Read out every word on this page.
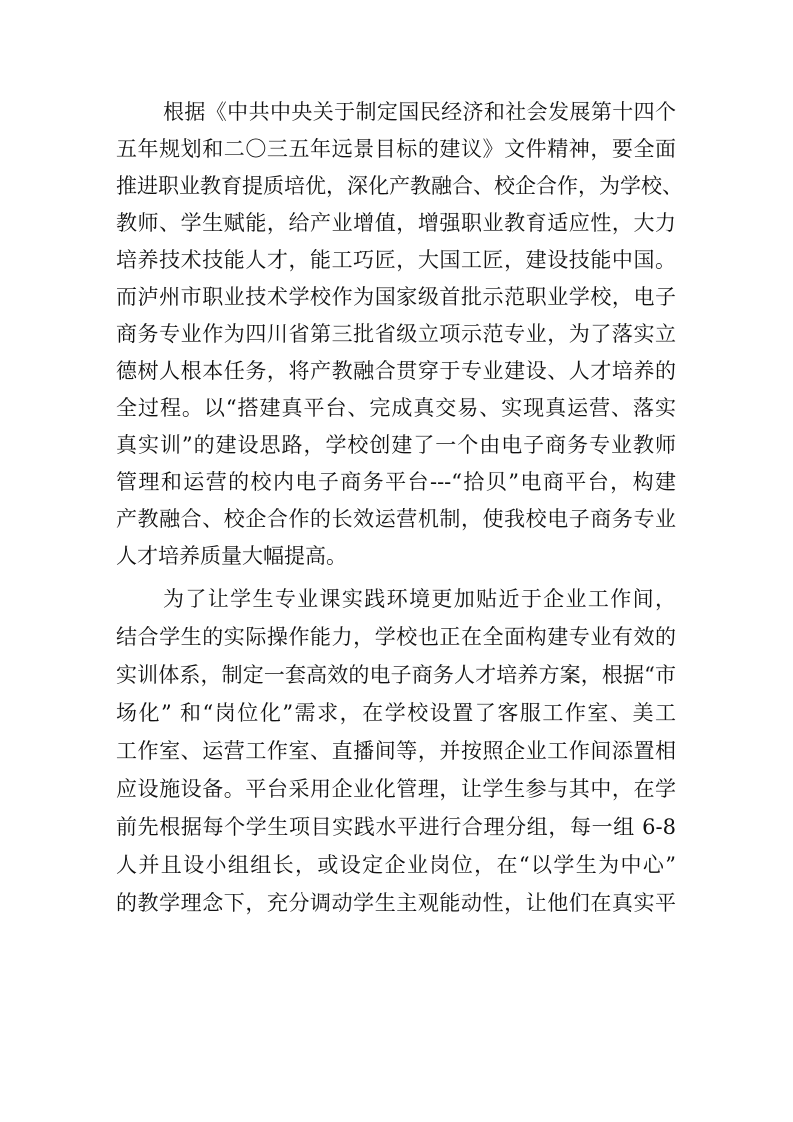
根据《中共中央关于制定国民经济和社会发展第十四个
五年规划和二〇三五年远景目标的建议》文件精神，要全面
推进职业教育提质培优，深化产教融合、校企合作，为学校、
教师、学生赋能，给产业增值，增强职业教育适应性，大力
培养技术技能人才，能工巧匠，大国工匠，建设技能中国。
而泸州市职业技术学校作为国家级首批示范职业学校，电子
商务专业作为四川省第三批省级立项示范专业，为了落实立
德树人根本任务，将产教融合贯穿于专业建设、人才培养的
全过程。以“搭建真平台、完成真交易、实现真运营、落实
真实训”的建设思路，学校创建了一个由电子商务专业教师
管理和运营的校内电子商务平台---“拾贝”电商平台，构建
产教融合、校企合作的长效运营机制，使我校电子商务专业
人才培养质量大幅提高。
为了让学生专业课实践环境更加贴近于企业工作间，
结合学生的实际操作能力，学校也正在全面构建专业有效的
实训体系，制定一套高效的电子商务人才培养方案，根据“市
场化” 和“岗位化”需求，在学校设置了客服工作室、美工
工作室、运营工作室、直播间等，并按照企业工作间添置相
应设施设备。平台采用企业化管理，让学生参与其中，在学
前先根据每个学生项目实践水平进行合理分组，每一组 6-8
人并且设小组组长，或设定企业岗位，在“以学生为中心”
的教学理念下，充分调动学生主观能动性，让他们在真实平
